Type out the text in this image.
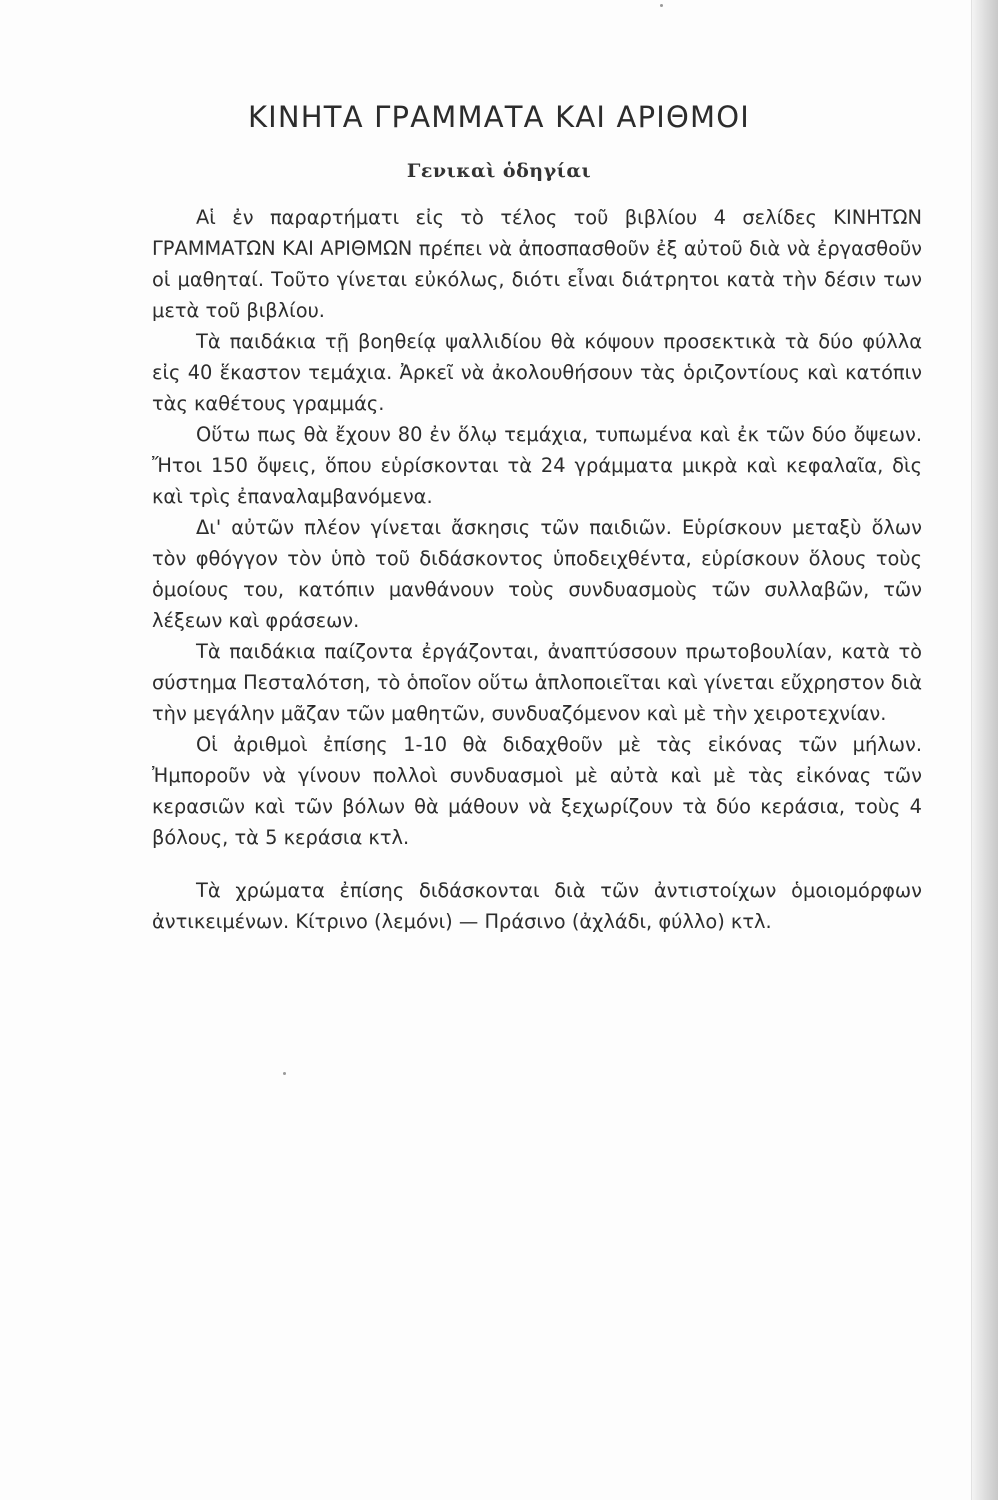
ΚΙΝΗΤΑ ΓΡΑΜΜΑΤΑ ΚΑΙ ΑΡΙΘΜΟΙ
Γενικαὶ ὁδηγίαι

Αἱ ἐν παραρτήματι εἰς τὸ τέλος τοῦ βιβλίου 4 σελίδες ΚΙΝΗΤΩΝ ΓΡΑΜΜΑΤΩΝ ΚΑΙ ΑΡΙΘΜΩΝ πρέπει νὰ ἀποσπασθοῦν ἐξ αὐτοῦ διὰ νὰ ἐργασθοῦν οἱ μαθηταί. Τοῦτο γίνεται εὐκόλως, διότι εἶναι διάτρητοι κατὰ τὴν δέσιν των μετὰ τοῦ βιβλίου.

Τὰ παιδάκια τῇ βοηθείᾳ ψαλλιδίου θὰ κόψουν προσεκτικὰ τὰ δύο φύλλα εἰς 40 ἕκαστον τεμάχια. Ἀρκεῖ νὰ ἀκολουθήσουν τὰς ὁριζοντίους καὶ κατόπιν τὰς καθέτους γραμμάς.

Οὕτω πως θὰ ἔχουν 80 ἐν ὅλῳ τεμάχια, τυπωμένα καὶ ἐκ τῶν δύο ὄψεων. Ἤτοι 150 ὄψεις, ὅπου εὑρίσκονται τὰ 24 γράμματα μικρὰ καὶ κεφαλαῖα, δὶς καὶ τρὶς ἐπαναλαμβανόμενα.

Δι' αὐτῶν πλέον γίνεται ἄσκησις τῶν παιδιῶν. Εὑρίσκουν μεταξὺ ὅλων τὸν φθόγγον τὸν ὑπὸ τοῦ διδάσκοντος ὑποδειχθέντα, εὑρίσκουν ὅλους τοὺς ὁμοίους του, κατόπιν μανθάνουν τοὺς συνδυασμοὺς τῶν συλλαβῶν, τῶν λέξεων καὶ φράσεων.

Τὰ παιδάκια παίζοντα ἐργάζονται, ἀναπτύσσουν πρωτοβουλίαν, κατὰ τὸ σύστημα Πεσταλότση, τὸ ὁποῖον οὕτω ἁπλοποιεῖται καὶ γίνεται εὔχρηστον διὰ τὴν μεγάλην μᾶζαν τῶν μαθητῶν, συνδυαζόμενον καὶ μὲ τὴν χειροτεχνίαν.

Οἱ ἀριθμοὶ ἐπίσης 1-10 θὰ διδαχθοῦν μὲ τὰς εἰκόνας τῶν μήλων. Ἠμποροῦν νὰ γίνουν πολλοὶ συνδυασμοὶ μὲ αὐτὰ καὶ μὲ τὰς εἰκόνας τῶν κερασιῶν καὶ τῶν βόλων θὰ μάθουν νὰ ξεχωρίζουν τὰ δύο κεράσια, τοὺς 4 βόλους, τὰ 5 κεράσια κτλ.

Τὰ χρώματα ἐπίσης διδάσκονται διὰ τῶν ἀντιστοίχων ὁμοιομόρφων ἀντικειμένων. Κίτρινο (λεμόνι) — Πράσινο (ἀχλάδι, φύλλο) κτλ.
